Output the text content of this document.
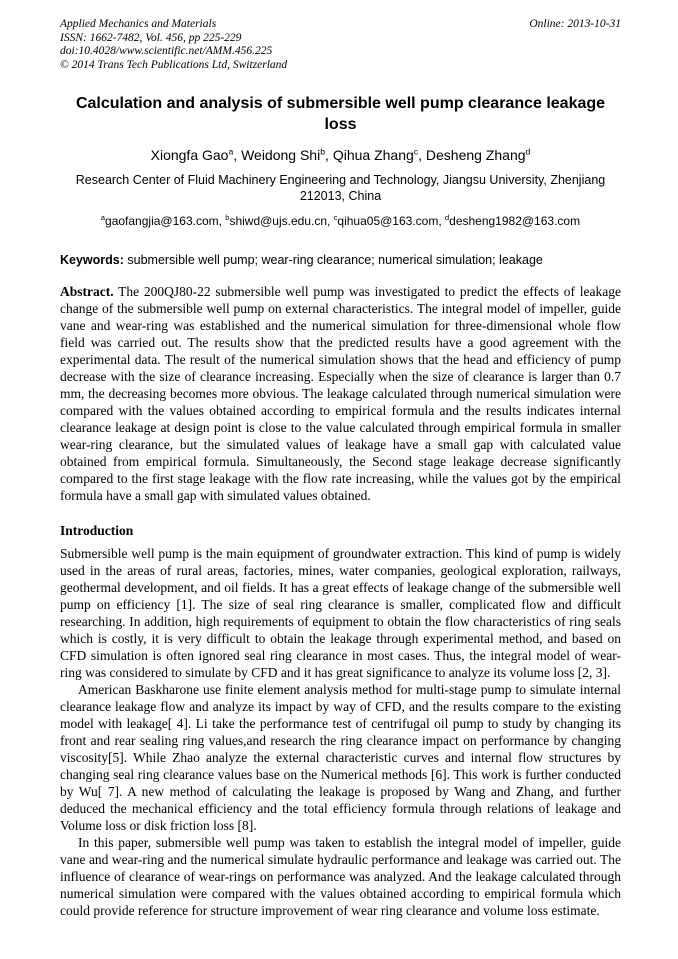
Applied Mechanics and Materials
ISSN: 1662-7482, Vol. 456, pp 225-229
doi:10.4028/www.scientific.net/AMM.456.225
© 2014 Trans Tech Publications Ltd, Switzerland
Online: 2013-10-31
Calculation and analysis of submersible well pump clearance leakage
loss
Xiongfa Gao$^a$, Weidong Shi$^b$, Qihua Zhang$^c$, Desheng Zhang$^d$
Research Center of Fluid Machinery Engineering and Technology, Jiangsu University, Zhenjiang
212013, China
$^a$gaofangjia@163.com, $^b$shiwd@ujs.edu.cn, $^c$qihua05@163.com, $^d$desheng1982@163.com
Keywords: submersible well pump; wear-ring clearance; numerical simulation; leakage

Abstract. The 200QJ80-22 submersible well pump was investigated to predict the effects of leakage change of the submersible well pump on external characteristics. The integral model of impeller, guide vane and wear-ring was established and the numerical simulation for three-dimensional whole flow field was carried out. The results show that the predicted results have a good agreement with the experimental data. The result of the numerical simulation shows that the head and efficiency of pump decrease with the size of clearance increasing. Especially when the size of clearance is larger than 0.7 mm, the decreasing becomes more obvious. The leakage calculated through numerical simulation were compared with the values obtained according to empirical formula and the results indicates internal clearance leakage at design point is close to the value calculated through empirical formula in smaller wear-ring clearance, but the simulated values of leakage have a small gap with calculated value obtained from empirical formula. Simultaneously, the Second stage leakage decrease significantly compared to the first stage leakage with the flow rate increasing, while the values got by the empirical formula have a small gap with simulated values obtained.

Introduction

Submersible well pump is the main equipment of groundwater extraction. This kind of pump is widely used in the areas of rural areas, factories, mines, water companies, geological exploration, railways, geothermal development, and oil fields. It has a great effects of leakage change of the submersible well pump on efficiency [1]. The size of seal ring clearance is smaller, complicated flow and difficult researching. In addition, high requirements of equipment to obtain the flow characteristics of ring seals which is costly, it is very difficult to obtain the leakage through experimental method, and based on CFD simulation is often ignored seal ring clearance in most cases. Thus, the integral model of wear-ring was considered to simulate by CFD and it has great significance to analyze its volume loss [2, 3].

American Baskharone use finite element analysis method for multi-stage pump to simulate internal clearance leakage flow and analyze its impact by way of CFD, and the results compare to the existing model with leakage[ 4]. Li take the performance test of centrifugal oil pump to study by changing its front and rear sealing ring values,and research the ring clearance impact on performance by changing viscosity[5]. While Zhao analyze the external characteristic curves and internal flow structures by changing seal ring clearance values base on the Numerical methods [6]. This work is further conducted by Wu[ 7]. A new method of calculating the leakage is proposed by Wang and Zhang, and further deduced the mechanical efficiency and the total efficiency formula through relations of leakage and Volume loss or disk friction loss [8].

In this paper, submersible well pump was taken to establish the integral model of impeller, guide vane and wear-ring and the numerical simulate hydraulic performance and leakage was carried out. The influence of clearance of wear-rings on performance was analyzed. And the leakage calculated through numerical simulation were compared with the values obtained according to empirical formula which could provide reference for structure improvement of wear ring clearance and volume loss estimate.
